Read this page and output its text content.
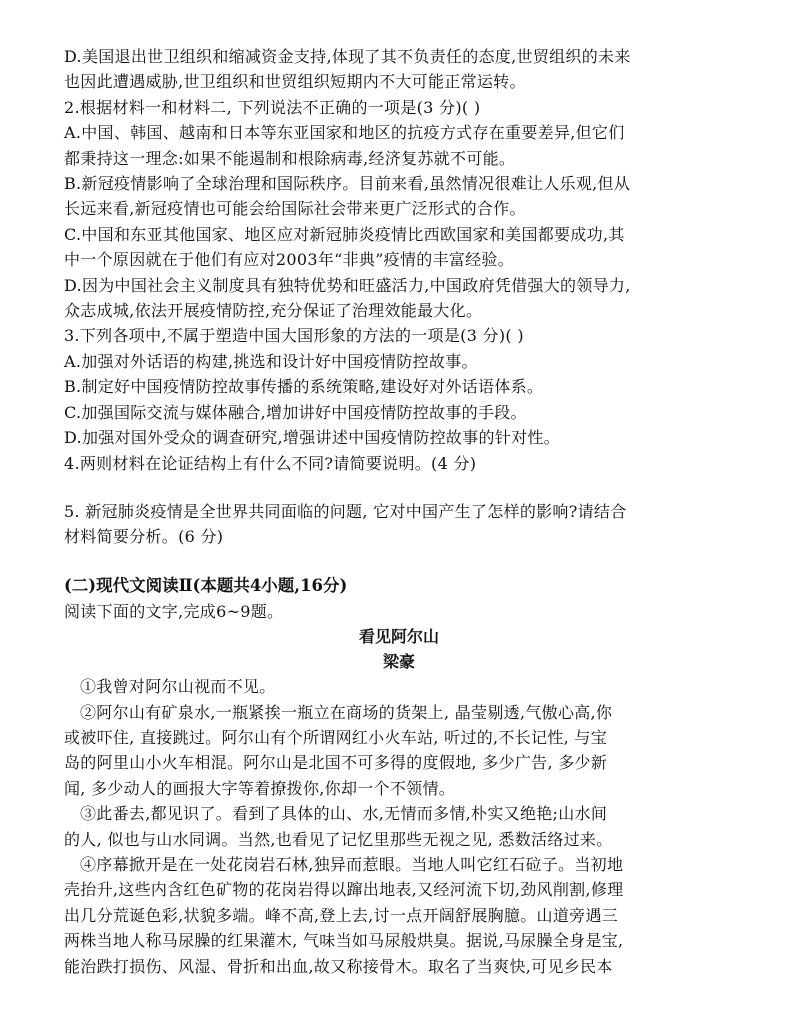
D.美国退出世卫组织和缩减资金支持,体现了其不负责任的态度,世贸组织的未来
也因此遭遇威胁,世卫组织和世贸组织短期内不大可能正常运转。
2.根据材料一和材料二, 下列说法不正确的一项是(3 分)( )
A.中国、韩国、越南和日本等东亚国家和地区的抗疫方式存在重要差异,但它们
都秉持这一理念:如果不能遏制和根除病毒,经济复苏就不可能。
B.新冠疫情影响了全球治理和国际秩序。目前来看,虽然情况很难让人乐观,但从
长远来看,新冠疫情也可能会给国际社会带来更广泛形式的合作。
C.中国和东亚其他国家、地区应对新冠肺炎疫情比西欧国家和美国都要成功,其
中一个原因就在于他们有应对2003年“非典”疫情的丰富经验。
D.因为中国社会主义制度具有独特优势和旺盛活力,中国政府凭借强大的领导力,
众志成城,依法开展疫情防控,充分保证了治理效能最大化。
3.下列各项中,不属于塑造中国大国形象的方法的一项是(3 分)( )
A.加强对外话语的构建,挑选和设计好中国疫情防控故事。
B.制定好中国疫情防控故事传播的系统策略,建设好对外话语体系。
C.加强国际交流与媒体融合,增加讲好中国疫情防控故事的手段。
D.加强对国外受众的调查研究,增强讲述中国疫情防控故事的针对性。
4.两则材料在论证结构上有什么不同?请简要说明。(4 分)
5. 新冠肺炎疫情是全世界共同面临的问题, 它对中国产生了怎样的影响?请结合
材料简要分析。(6 分)
(二)现代文阅读Ⅱ(本题共4小题,16分)
阅读下面的文字,完成6~9题。
看见阿尔山
梁豪
①我曾对阿尔山视而不见。
②阿尔山有矿泉水,一瓶紧挨一瓶立在商场的货架上, 晶莹剔透,气傲心高,你
或被吓住, 直接跳过。阿尔山有个所谓网红小火车站, 听过的,不长记性, 与宝
岛的阿里山小火车相混。阿尔山是北国不可多得的度假地, 多少广告, 多少新
闻, 多少动人的画报大字等着撩拨你,你却一个不领情。
③此番去,都见识了。看到了具体的山、水,无情而多情,朴实又绝艳;山水间
的人, 似也与山水同调。当然,也看见了记忆里那些无视之见, 悉数活络过来。
④序幕掀开是在一处花岗岩石林,独异而惹眼。当地人叫它红石砬子。当初地
壳抬升,这些内含红色矿物的花岗岩得以蹿出地表,又经河流下切,劲风削割,修理
出几分荒诞色彩,状貌多端。峰不高,登上去,讨一点开阔舒展胸臆。山道旁遇三
两株当地人称马尿臊的红果灌木, 气味当如马尿般烘臭。据说,马尿臊全身是宝,
能治跌打损伤、风湿、骨折和出血,故又称接骨木。取名了当爽快,可见乡民本
